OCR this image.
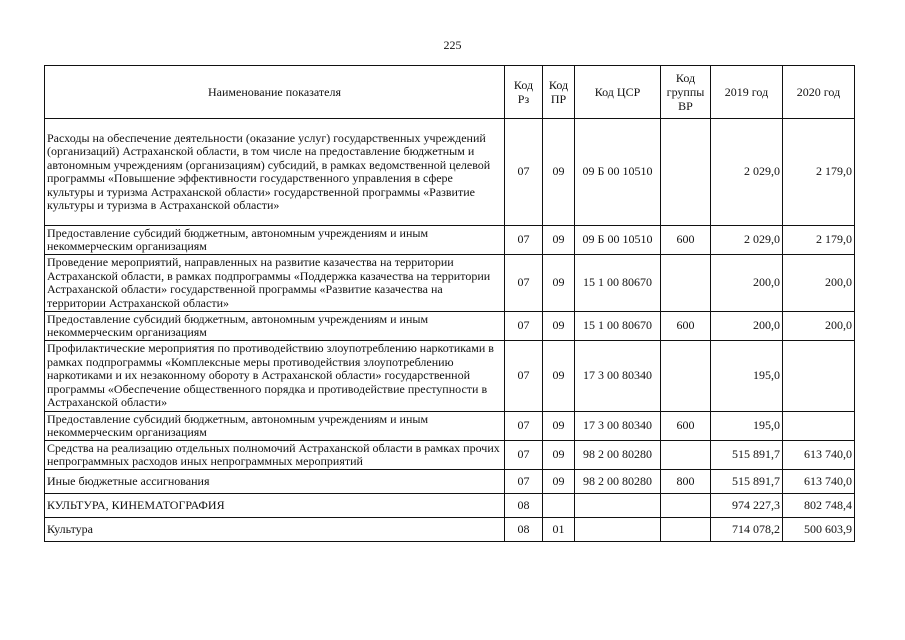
225
Наименование показателя	Код Рз	Код ПР	Код ЦСР	Код группы ВР	2019 год	2020 год
Расходы на обеспечение деятельности (оказание услуг) государственных учреждений (организаций) Астраханской области, в том числе на предоставление бюджетным и автономным учреждениям (организациям) субсидий, в рамках ведомственной целевой программы «Повышение эффективности государственного управления в сфере культуры и туризма Астраханской области» государственной программы «Развитие культуры и туризма в Астраханской области»	07	09	09 Б 00 10510		2 029,0	2 179,0
Предоставление субсидий бюджетным, автономным учреждениям и иным некоммерческим организациям	07	09	09 Б 00 10510	600	2 029,0	2 179,0
Проведение мероприятий, направленных на развитие казачества на территории Астраханской области, в рамках подпрограммы «Поддержка казачества на территории Астраханской области» государственной программы «Развитие казачества на территории Астраханской области»	07	09	15 1 00 80670		200,0	200,0
Предоставление субсидий бюджетным, автономным учреждениям и иным некоммерческим организациям	07	09	15 1 00 80670	600	200,0	200,0
Профилактические мероприятия по противодействию злоупотреблению наркотиками в рамках подпрограммы «Комплексные меры противодействия злоупотреблению наркотиками и их незаконному обороту в Астраханской области» государственной программы «Обеспечение общественного порядка и противодействие преступности в Астраханской области»	07	09	17 3 00 80340		195,0	
Предоставление субсидий бюджетным, автономным учреждениям и иным некоммерческим организациям	07	09	17 3 00 80340	600	195,0	
Средства на реализацию отдельных полномочий Астраханской области в рамках прочих непрограммных расходов иных непрограммных мероприятий	07	09	98 2 00 80280		515 891,7	613 740,0
Иные бюджетные ассигнования	07	09	98 2 00 80280	800	515 891,7	613 740,0
КУЛЬТУРА, КИНЕМАТОГРАФИЯ	08				974 227,3	802 748,4
Культура	08	01			714 078,2	500 603,9
